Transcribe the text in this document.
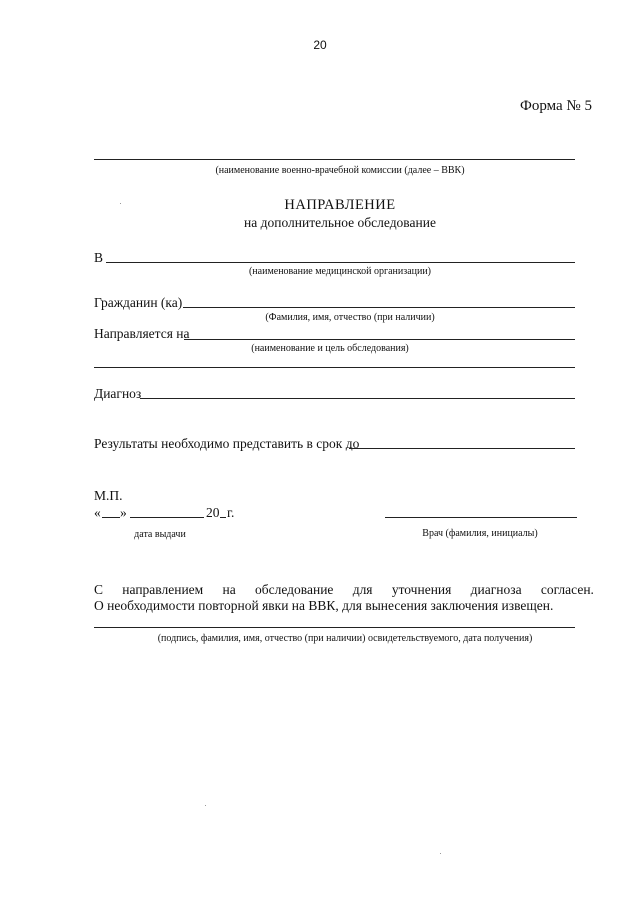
20
Форма № 5
(наименование военно-врачебной комиссии (далее – ВВК)
НАПРАВЛЕНИЕ
на дополнительное обследование
В
(наименование медицинской организации)
Гражданин (ка)
(Фамилия, имя, отчество (при наличии)
Направляется на
(наименование и цель обследования)
Диагноз
Результаты необходимо представить в срок до
М.П.
« »	20 г.
дата выдачи	Врач (фамилия, инициалы)
С направлением на обследование для уточнения диагноза согласен.
О необходимости повторной явки на ВВК, для вынесения заключения извещен.
(подпись, фамилия, имя, отчество (при наличии) освидетельствуемого, дата получения)
